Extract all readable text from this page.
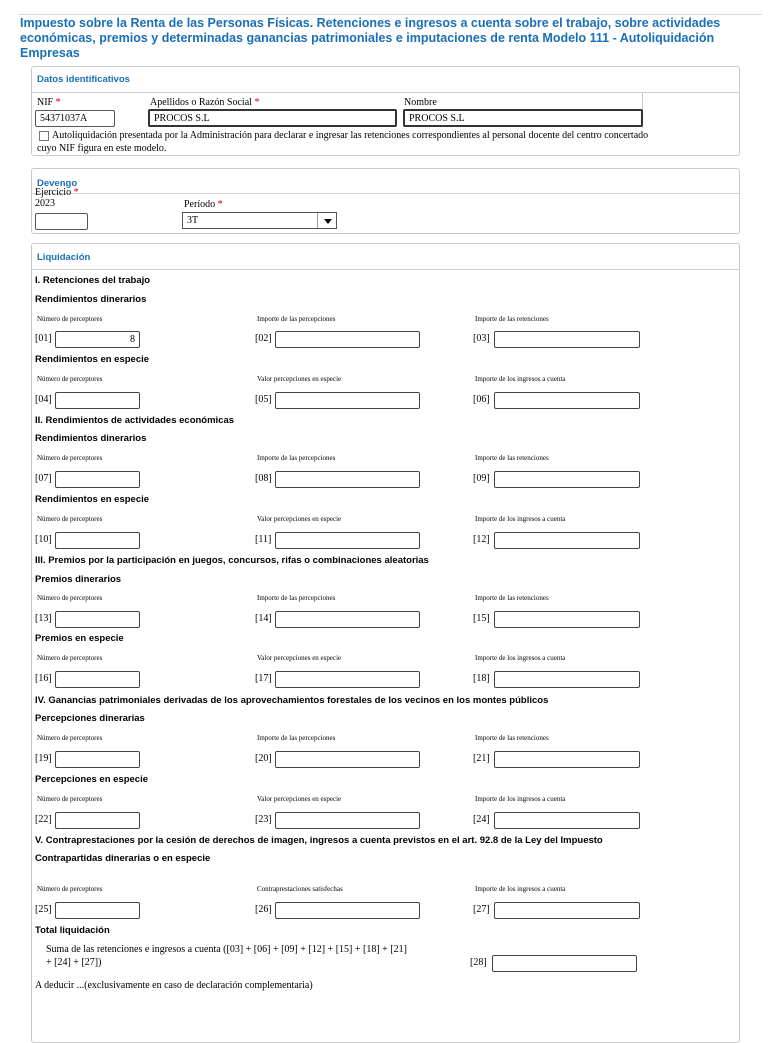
Impuesto sobre la Renta de las Personas Físicas. Retenciones e ingresos a cuenta sobre el trabajo, sobre actividades económicas, premios y determinadas ganancias patrimoniales e imputaciones de renta Modelo 111 - Autoliquidación Empresas
Datos identificativos
NIF *
54371037A
Apellidos o Razón Social *
PROCOS S.L
Nombre
PROCOS S.L
Autoliquidación presentada por la Administración para declarar e ingresar las retenciones correspondientes al personal docente del centro concertado
cuyo NIF figura en este modelo.
Devengo
Ejercicio *
2023	Período *
3T
Liquidación
I. Retenciones del trabajo
Rendimientos dinerarios
Número de perceptores
[01]	8
Importe de las percepciones
[02]
Importe de las retenciones
[03]
Rendimientos en especie
Número de perceptores
[04]
Valor percepciones en especie
[05]
Importe de los ingresos a cuenta
[06]
II. Rendimientos de actividades económicas
Rendimientos dinerarios
Número de perceptores
[07]
Importe de las percepciones
[08]
Importe de las retenciones
[09]
Rendimientos en especie
Número de perceptores
[10]
Valor percepciones en especie
[11]
Importe de los ingresos a cuenta
[12]
III. Premios por la participación en juegos, concursos, rifas o combinaciones aleatorias
Premios dinerarios
Número de perceptores
[13]
Importe de las percepciones
[14]
Importe de las retenciones
[15]
Premios en especie
Número de perceptores
[16]
Valor percepciones en especie
[17]
Importe de los ingresos a cuenta
[18]
IV. Ganancias patrimoniales derivadas de los aprovechamientos forestales de los vecinos en los montes públicos
Percepciones dinerarias
Número de perceptores
[19]
Importe de las percepciones
[20]
Importe de las retenciones
[21]
Percepciones en especie
Número de perceptores
[22]
Valor percepciones en especie
[23]
Importe de los ingresos a cuenta
[24]
V. Contraprestaciones por la cesión de derechos de imagen, ingresos a cuenta previstos en el art. 92.8 de la Ley del Impuesto
Contrapartidas dinerarias o en especie
Número de perceptores
[25]
Contraprestaciones satisfechas
[26]
Importe de los ingresos a cuenta
[27]
Total liquidación
Suma de las retenciones e ingresos a cuenta ([03] + [06] + [09] + [12] + [15] + [18] + [21]
+ [24] + [27])	[28]
A deducir ...(exclusivamente en caso de declaración complementaria)
